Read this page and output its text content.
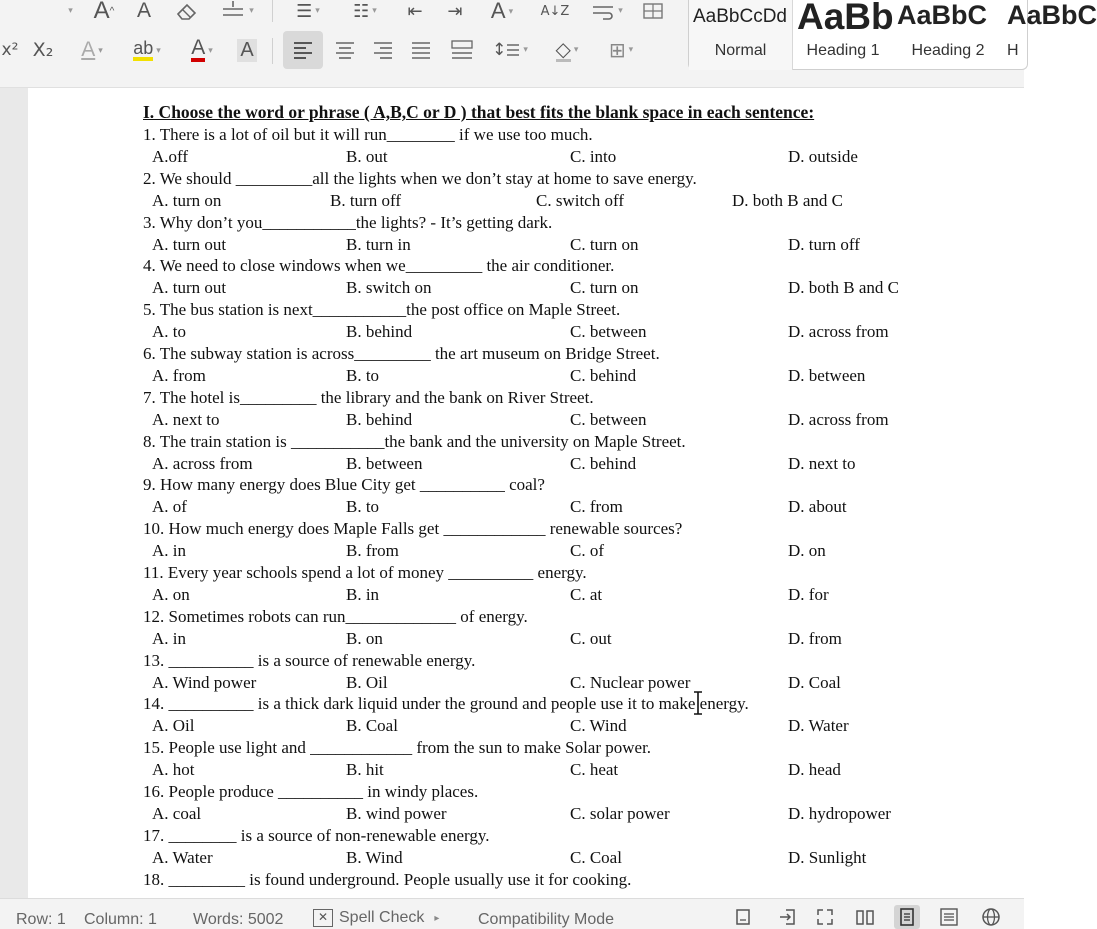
▾ A ^ A	▾ ☰ ▾ ☷ ▾ ⇤ ⇥ A ▾ A↓Z	▾
x² X₂ A ▾ ab ▾ A ▾ A	↕ ▾ ◇ ▾ ⊞ ▾
AaBbCcDd
Normal
AaBb
Heading 1
AaBbC
Heading 2
AaBbC
H
I. Choose the word or phrase ( A,B,C or D ) that best fits the blank space in each sentence:
1. There is a lot of oil but it will run________ if we use too much.
A.off	B. out	C. into	D. outside
2. We should _________all the lights when we don’t stay at home to save energy.
A. turn on	B. turn off	C. switch off	D. both B and C
3. Why don’t you___________the lights? - It’s getting dark.
A. turn out	B. turn in	C. turn on	D. turn off
4. We need to close windows when we_________ the air conditioner.
A. turn out	B. switch on	C. turn on	D. both B and C
5. The bus station is next___________the post office on Maple Street.
A. to	B. behind	C. between	D. across from
6. The subway station is across_________ the art museum on Bridge Street.
A. from	B. to	C. behind	D. between
7. The hotel is_________ the library and the bank on River Street.
A. next to	B. behind	C. between	D. across from
8. The train station is ___________the bank and the university on Maple Street.
A. across from	B. between	C. behind	D. next to
9. How many energy does Blue City get __________ coal?
A. of	B. to	C. from	D. about
10. How much energy does Maple Falls get ____________ renewable sources?
A. in	B. from	C. of	D. on
11. Every year schools spend a lot of money __________ energy.
A. on	B. in	C. at	D. for
12. Sometimes robots can run_____________ of energy.
A. in	B. on	C. out	D. from
13. __________ is a source of renewable energy.
A. Wind power	B. Oil	C. Nuclear power	D. Coal
14. __________ is a thick dark liquid under the ground and people use it to make energy.
A. Oil	B. Coal	C. Wind	D. Water
15. People use light and ____________ from the sun to make Solar power.
A. hot	B. hit	C. heat	D. head
16. People produce __________ in windy places.
A. coal	B. wind power	C. solar power	D. hydropower
17. ________ is a source of non-renewable energy.
A. Water	B. Wind	C. Coal	D. Sunlight
18. _________ is found underground. People usually use it for cooking.
Row: 1 Column: 1 Words: 5002	✕ Spell Check ▸ Compatibility Mode
